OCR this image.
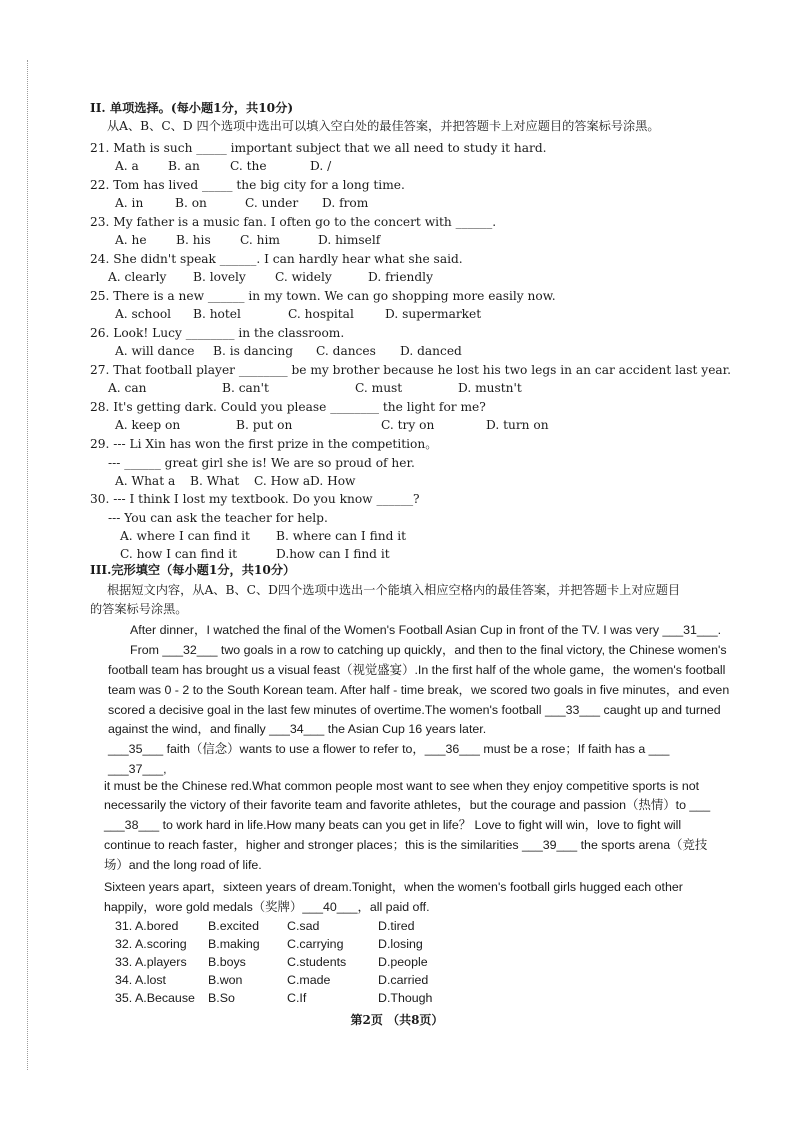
II. 单项选择。(每小题1分，共10分)
从A、B、C、D 四个选项中选出可以填入空白处的最佳答案，并把答题卡上对应题目的答案标号涂黑。
21. Math is such _____ important subject that we all need to study it hard.
A. a B. an C. the	D. /
22. Tom has lived _____ the big city for a long time.
A. in	B. on	C. under D. from
23. My father is a music fan. I often go to the concert with ______.
A. he B. his C. him	D. himself
24. She didn't speak ______. I can hardly hear what she said.
A. clearly B. lovely C. widely	D. friendly
25. There is a new ______ in my town. We can go shopping more easily now.
A. school B. hotel	C. hospital	D. supermarket
26. Look! Lucy ________ in the classroom.
A. will dance B. is dancing C. dances D. danced
27. That football player ________ be my brother because he lost his two legs in an car accident last year.
A. can	B. can't	C. must	D. mustn't
28. It's getting dark. Could you please ________ the light for me?
A. keep on	B. put on	C. try on	D. turn on
29. --- Li Xin has won the first prize in the competition。
--- ______ great girl she is! We are so proud of her.
A. What a B. What C. How a D. How
30. --- I think I lost my textbook. Do you know ______?
--- You can ask the teacher for help.
A. where I can find it B. where can I find it
C. how I can find it	D.how can I find it
III.完形填空（每小题1分，共10分）
根据短文内容，从A、B、C、D四个选项中选出一个能填入相应空格内的最佳答案，并把答题卡上对应题目
的答案标号涂黑。
After dinner，I watched the final of the Women's Football Asian Cup in front of the TV. I was very ___31___.
From ___32___ two goals in a row to catching up quickly，and then to the final victory, the Chinese women's
football team has brought us a visual feast（视觉盛宴）.In the first half of the whole game，the women's football
team was 0 - 2 to the South Korean team. After half - time break，we scored two goals in five minutes，and even
scored a decisive goal in the last few minutes of overtime.The women's football ___33___ caught up and turned
against the wind，and finally ___34___ the Asian Cup 16 years later.
___35___ faith（信念）wants to use a flower to refer to，___36___ must be a rose；If faith has a ___
___37___,
it must be the Chinese red.What common people most want to see when they enjoy competitive sports is not
necessarily the victory of their favorite team and favorite athletes，but the courage and passion（热情）to ___
___38___ to work hard in life.How many beats can you get in life？ Love to fight will win，love to fight will
continue to reach faster，higher and stronger places；this is the similarities ___39___ the sports arena（竞技
场）and the long road of life.
Sixteen years apart，sixteen years of dream.Tonight，when the women's football girls hugged each other
happily，wore gold medals（奖牌）___40___，all paid off.
31. A.bored B.excited C.sad	D.tired
32. A.scoring B.making C.carrying	D.losing
33. A.players B.boys	C.students	D.people
34. A.lost	B.won	C.made	D.carried
35. A.Because B.So	C.If	D.Though
第2页 （共8页）
